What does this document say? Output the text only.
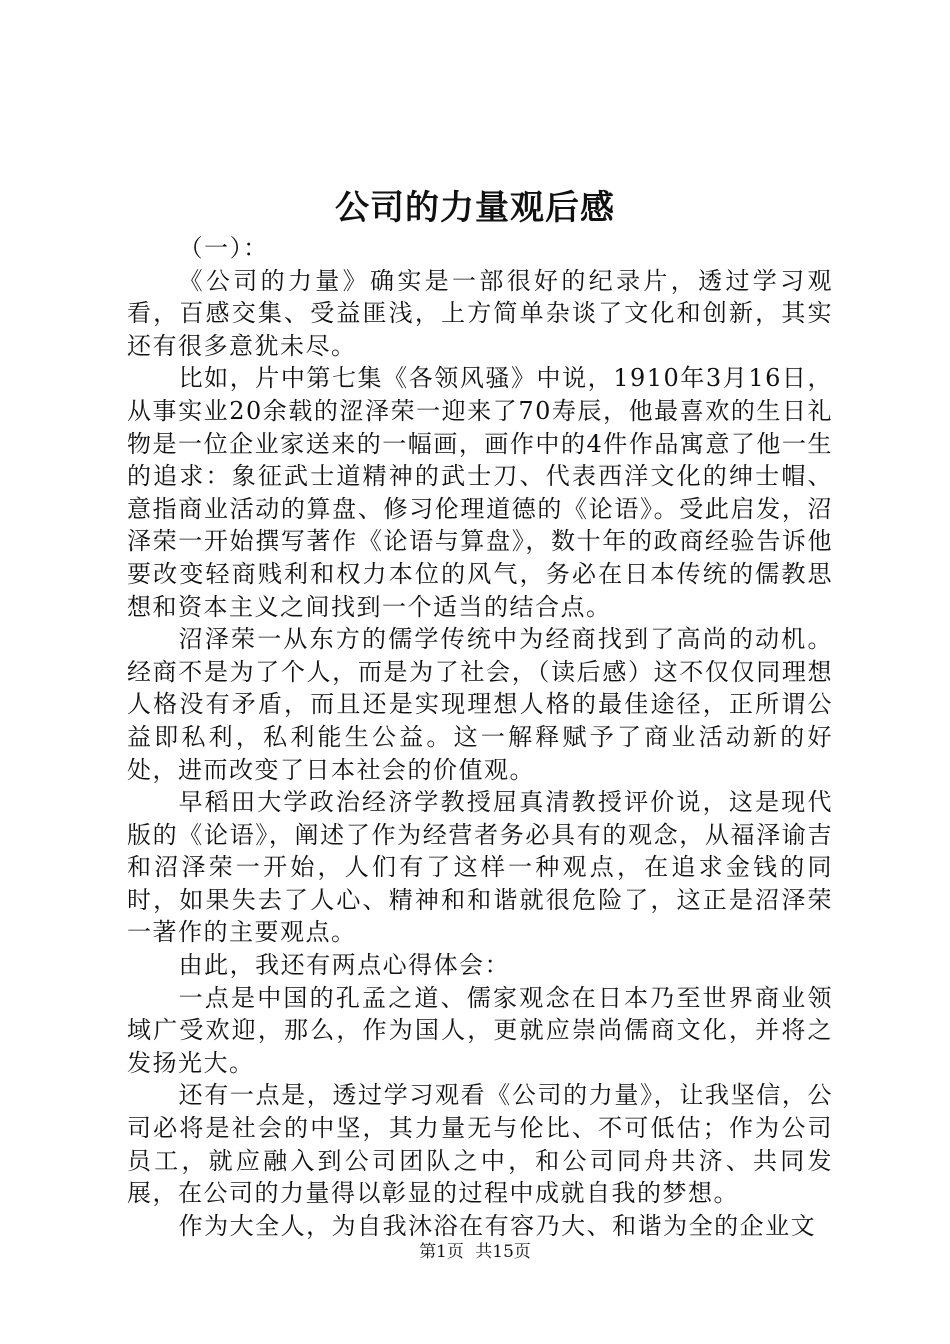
公司的力量观后感

（一）：

《公司的力量》确实是一部很好的纪录片，透过学习观看，百感交集、受益匪浅，上方简单杂谈了文化和创新，其实还有很多意犹未尽。

比如，片中第七集《各领风骚》中说，1910年3月16日，从事实业20余载的涩泽荣一迎来了70寿辰，他最喜欢的生日礼物是一位企业家送来的一幅画，画作中的4件作品寓意了他一生的追求：象征武士道精神的武士刀、代表西洋文化的绅士帽、意指商业活动的算盘、修习伦理道德的《论语》。受此启发，沼泽荣一开始撰写著作《论语与算盘》，数十年的政商经验告诉他要改变轻商贱利和权力本位的风气，务必在日本传统的儒教思想和资本主义之间找到一个适当的结合点。

沼泽荣一从东方的儒学传统中为经商找到了高尚的动机。经商不是为了个人，而是为了社会，（读后感）这不仅仅同理想人格没有矛盾，而且还是实现理想人格的最佳途径，正所谓公益即私利，私利能生公益。这一解释赋予了商业活动新的好处，进而改变了日本社会的价值观。

早稻田大学政治经济学教授屈真清教授评价说，这是现代版的《论语》，阐述了作为经营者务必具有的观念，从福泽谕吉和沼泽荣一开始，人们有了这样一种观点，在追求金钱的同时，如果失去了人心、精神和和谐就很危险了，这正是沼泽荣一著作的主要观点。

由此，我还有两点心得体会：

一点是中国的孔孟之道、儒家观念在日本乃至世界商业领域广受欢迎，那么，作为国人，更就应崇尚儒商文化，并将之发扬光大。

还有一点是，透过学习观看《公司的力量》，让我坚信，公司必将是社会的中坚，其力量无与伦比、不可低估；作为公司员工，就应融入到公司团队之中，和公司同舟共济、共同发展，在公司的力量得以彰显的过程中成就自我的梦想。

作为大全人，为自我沐浴在有容乃大、和谐为全的企业文

第1页 共15页
